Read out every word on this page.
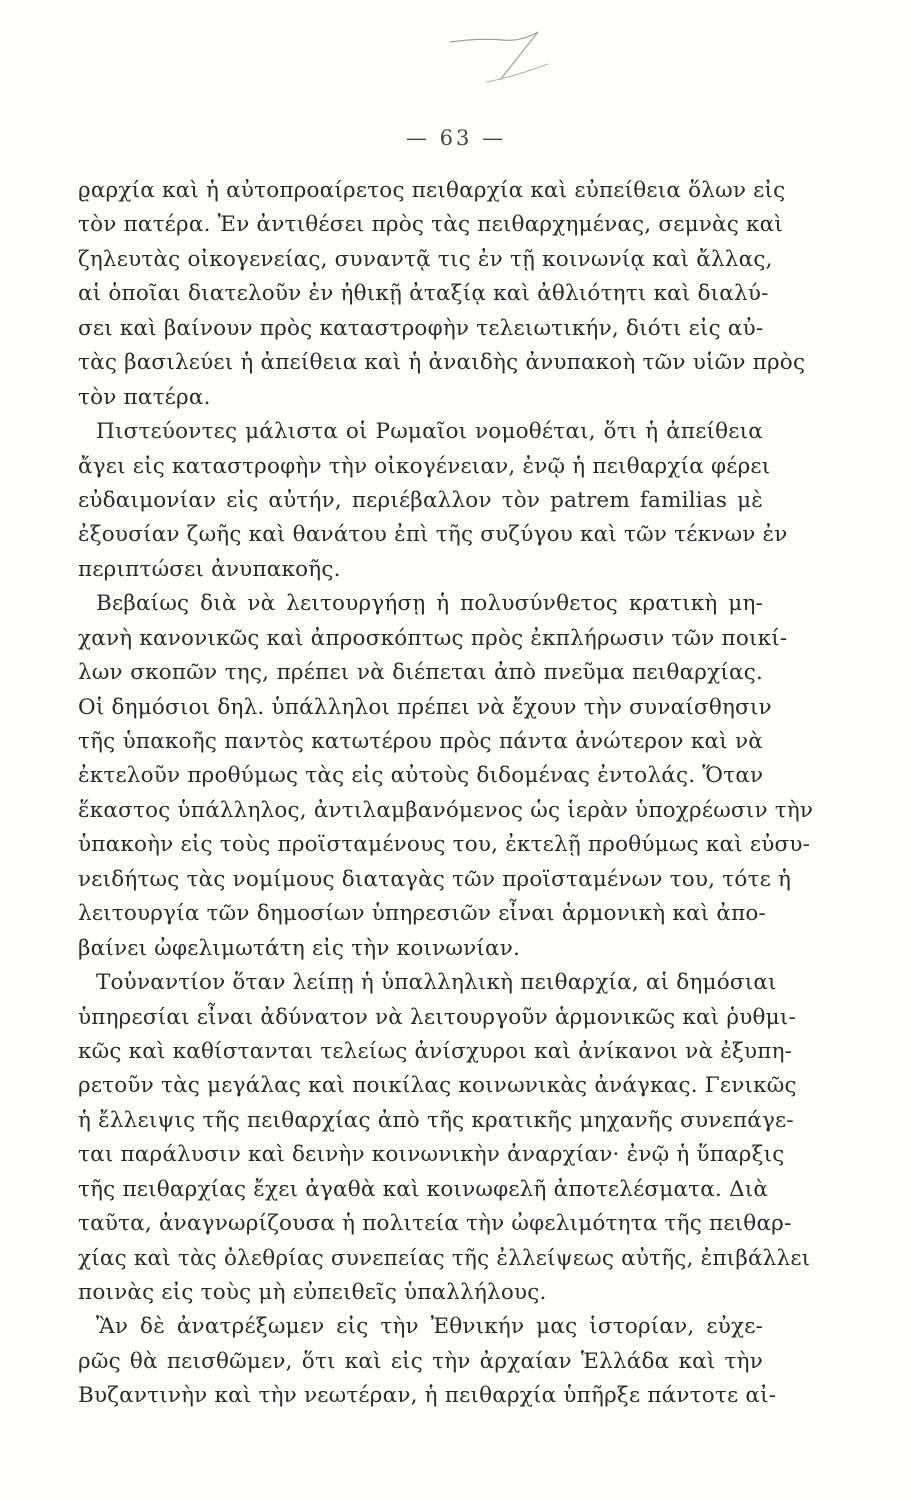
— 63 —
ϱαρχία καὶ ἡ αὐτοπροαίρετος πειθαρχία καὶ εὐπείθεια ὅλων εἰς
τὸν πατέρα. Ἐν ἀντιθέσει πρὸς τὰς πειθαρχημένας, σεμνὰς καὶ
ζηλευτὰς οἰκογενείας, συναντᾷ τις ἐν τῇ κοινωνίᾳ καὶ ἄλλας,
αἱ ὁποῖαι διατελοῦν ἐν ἠθικῇ ἀταξίᾳ καὶ ἀθλιότητι καὶ διαλύ-
σει καὶ βαίνουν πρὸς καταστροφὴν τελειωτικήν, διότι εἰς αὐ-
τὰς βασιλεύει ἡ ἀπείθεια καὶ ἡ ἀναιδὴς ἀνυπακοὴ τῶν υἱῶν πρὸς
τὸν πατέρα.
Πιστεύοντες μάλιστα οἱ Ρωμαῖοι νομοθέται, ὅτι ἡ ἀπείθεια
ἄγει εἰς καταστροφὴν τὴν οἰκογένειαν, ἐνῷ ἡ πειθαρχία φέρει
εὐδαιμονίαν εἰς αὐτήν, περιέβαλλον τὸν patrem familias μὲ
ἐξουσίαν ζωῆς καὶ θανάτου ἐπὶ τῆς συζύγου καὶ τῶν τέκνων ἐν
περιπτώσει ἀνυπακοῆς.
Βεβαίως διὰ νὰ λειτουργήσῃ ἡ πολυσύνθετος κρατικὴ μη-
χανὴ κανονικῶς καὶ ἀπροσκόπτως πρὸς ἐκπλήρωσιν τῶν ποικί-
λων σκοπῶν της, πρέπει νὰ διέπεται ἀπὸ πνεῦμα πειθαρχίας.
Οἱ δημόσιοι δηλ. ὑπάλληλοι πρέπει νὰ ἔχουν τὴν συναίσθησιν
τῆς ὑπακοῆς παντὸς κατωτέρου πρὸς πάντα ἀνώτερον καὶ νὰ
ἐκτελοῦν προθύμως τὰς εἰς αὐτοὺς διδομένας ἐντολάς. Ὅταν
ἕκαστος ὑπάλληλος, ἀντιλαμβανόμενος ὡς ἱερὰν ὑποχρέωσιν τὴν
ὑπακοὴν εἰς τοὺς προϊσταμένους του, ἐκτελῇ προθύμως καὶ εὐσυ-
νειδήτως τὰς νομίμους διαταγὰς τῶν προϊσταμένων του, τότε ἡ
λειτουργία τῶν δημοσίων ὑπηρεσιῶν εἶναι ἁρμονικὴ καὶ ἀπο-
βαίνει ὠφελιμωτάτη εἰς τὴν κοινωνίαν.
Τοὐναντίον ὅταν λείπῃ ἡ ὑπαλληλικὴ πειθαρχία, αἱ δημόσιαι
ὑπηρεσίαι εἶναι ἀδύνατον νὰ λειτουργοῦν ἁρμονικῶς καὶ ῥυθμι-
κῶς καὶ καθίστανται τελείως ἀνίσχυροι καὶ ἀνίκανοι νὰ ἐξυπη-
ρετοῦν τὰς μεγάλας καὶ ποικίλας κοινωνικὰς ἀνάγκας. Γενικῶς
ἡ ἔλλειψις τῆς πειθαρχίας ἀπὸ τῆς κρατικῆς μηχανῆς συνεπάγε-
ται παράλυσιν καὶ δεινὴν κοινωνικὴν ἀναρχίαν· ἐνῷ ἡ ὕπαρξις
τῆς πειθαρχίας ἔχει ἀγαθὰ καὶ κοινωφελῆ ἀποτελέσματα. Διὰ
ταῦτα, ἀναγνωρίζουσα ἡ πολιτεία τὴν ὠφελιμότητα τῆς πειθαρ-
χίας καὶ τὰς ὀλεθρίας συνεπείας τῆς ἐλλείψεως αὐτῆς, ἐπιβάλλει
ποινὰς εἰς τοὺς μὴ εὐπειθεῖς ὑπαλλήλους.
Ἂν δὲ ἀνατρέξωμεν εἰς τὴν Ἐθνικήν μας ἱστορίαν, εὐχε-
ρῶς θὰ πεισθῶμεν, ὅτι καὶ εἰς τὴν ἀρχαίαν Ἑλλάδα καὶ τὴν
Βυζαντινὴν καὶ τὴν νεωτέραν, ἡ πειθαρχία ὑπῆρξε πάντοτε αἰ-
